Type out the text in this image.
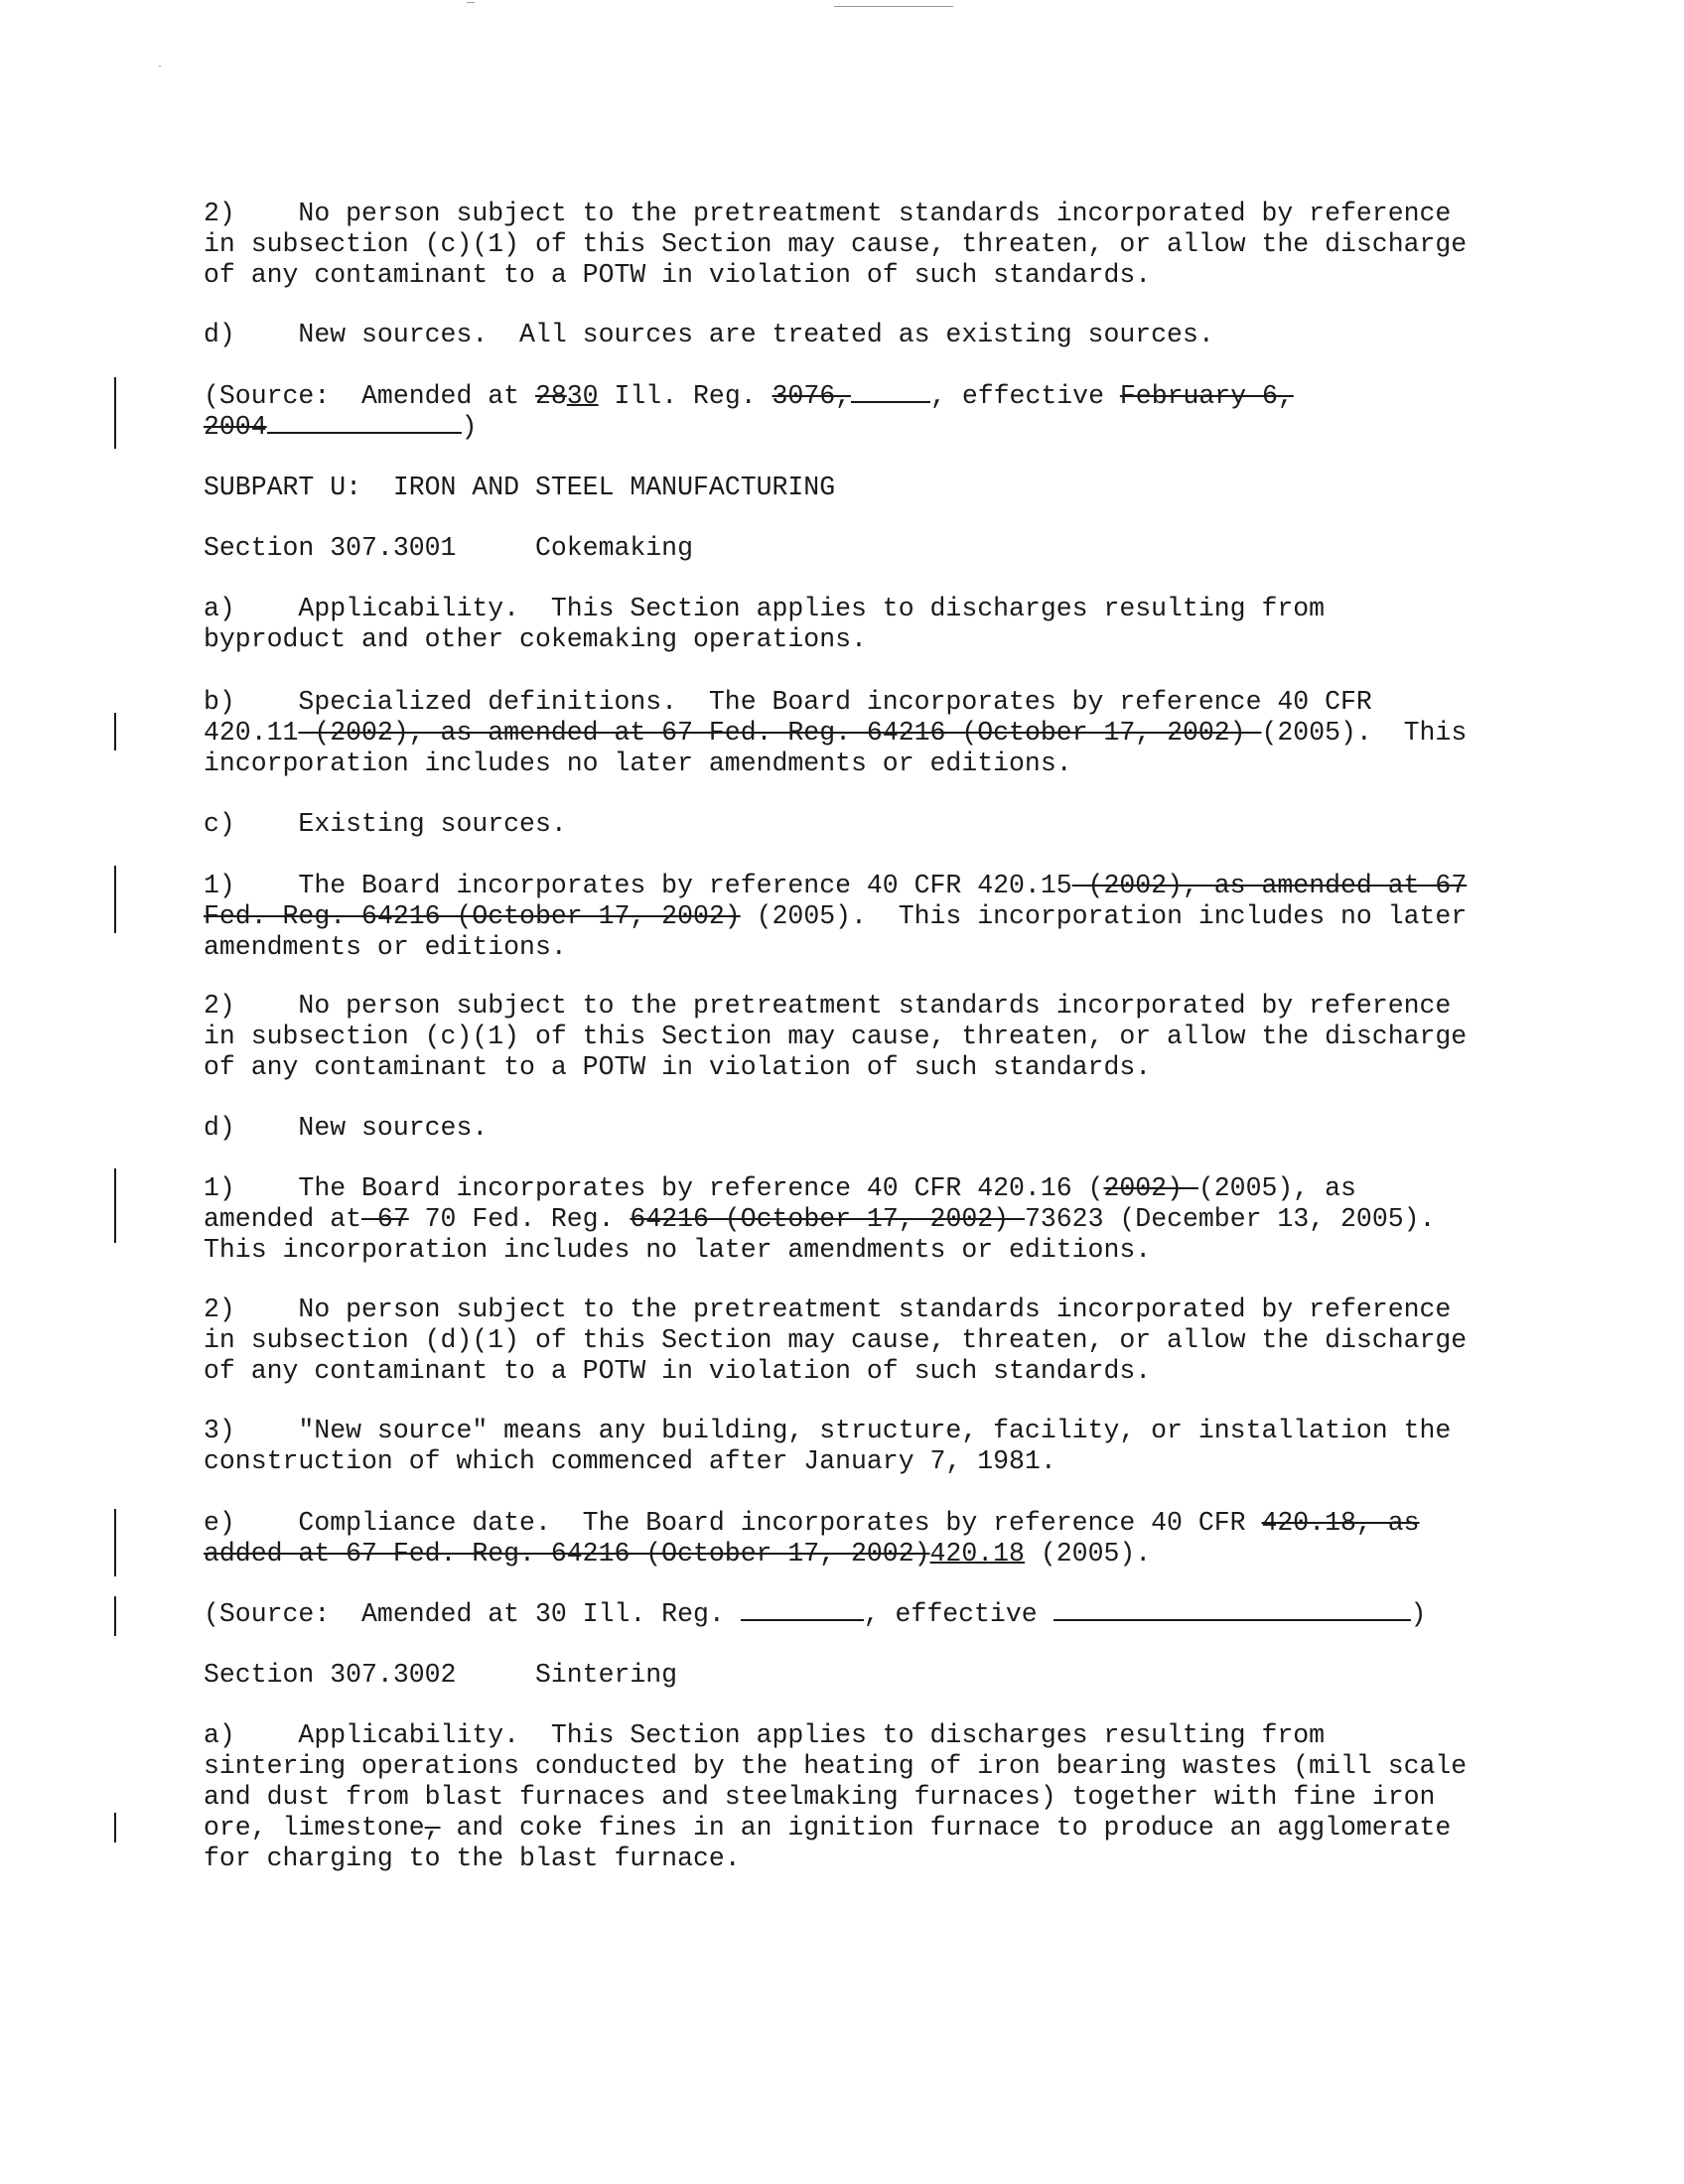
2)    No person subject to the pretreatment standards incorporated by reference
in subsection (c)(1) of this Section may cause, threaten, or allow the discharge
of any contaminant to a POTW in violation of such standards.

d)    New sources.  All sources are treated as existing sources.

(Source:  Amended at 2830 Ill. Reg. 3076,	, effective February 6,
2004	)

SUBPART U:  IRON AND STEEL MANUFACTURING

Section 307.3001     Cokemaking

a)    Applicability.  This Section applies to discharges resulting from
byproduct and other cokemaking operations.

b)    Specialized definitions.  The Board incorporates by reference 40 CFR
420.11 (2002), as amended at 67 Fed. Reg. 64216 (October 17, 2002) (2005).  This
incorporation includes no later amendments or editions.

c)    Existing sources.

1)    The Board incorporates by reference 40 CFR 420.15 (2002), as amended at 67
Fed. Reg. 64216 (October 17, 2002) (2005).  This incorporation includes no later
amendments or editions.

2)    No person subject to the pretreatment standards incorporated by reference
in subsection (c)(1) of this Section may cause, threaten, or allow the discharge
of any contaminant to a POTW in violation of such standards.

d)    New sources.

1)    The Board incorporates by reference 40 CFR 420.16 (2002) (2005), as
amended at 67 70 Fed. Reg. 64216 (October 17, 2002) 73623 (December 13, 2005).
This incorporation includes no later amendments or editions.

2)    No person subject to the pretreatment standards incorporated by reference
in subsection (d)(1) of this Section may cause, threaten, or allow the discharge
of any contaminant to a POTW in violation of such standards.

3)    "New source" means any building, structure, facility, or installation the
construction of which commenced after January 7, 1981.

e)    Compliance date.  The Board incorporates by reference 40 CFR 420.18, as
added at 67 Fed. Reg. 64216 (October 17, 2002)420.18 (2005).

(Source:  Amended at 30 Ill. Reg.	, effective	)

Section 307.3002     Sintering

a)    Applicability.  This Section applies to discharges resulting from
sintering operations conducted by the heating of iron bearing wastes (mill scale
and dust from blast furnaces and steelmaking furnaces) together with fine iron
ore, limestone, and coke fines in an ignition furnace to produce an agglomerate
for charging to the blast furnace.
